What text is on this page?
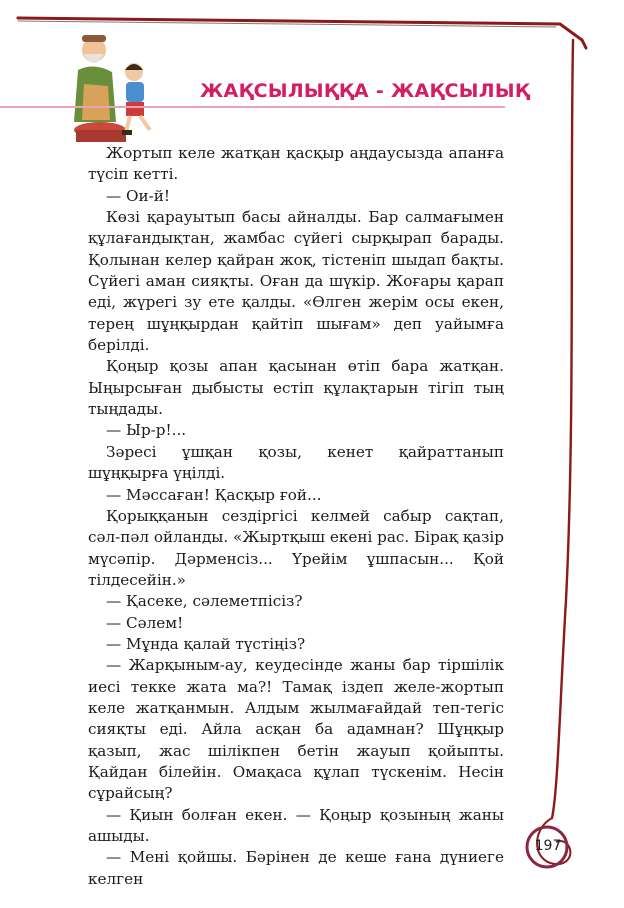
ЖАҚСЫЛЫҚҚА - ЖАҚСЫЛЫҚ

Жортып келе жатқан қасқыр аңдаусызда апанға түсіп кетті.

— Ои-й!

Көзі қарауытып басы айналды. Бар салмағымен құлағандықтан, жамбас сүйегі сырқырап барады. Қолынан келер қайран жоқ, тістеніп шыдап бақты. Сүйегі аман сияқты. Оған да шүкір. Жоғары қарап еді, жүрегі зу ете қалды. «Өлген жерім осы екен, терең шұңқырдан қайтіп шығам» деп уайымға берілді.

Қоңыр қозы апан қасынан өтіп бара жатқан. Ыңырсыған дыбысты естіп құлақтарын тігіп тың тыңдады.

— Ыр-р!...

Зәресі ұшқан қозы, кенет қайраттанып шұңқырға үңілді.

— Мәссаған! Қасқыр ғой...

Қорыққанын сездіргісі келмей сабыр сақтап, сәл-пәл ойланды. «Жыртқыш екені рас. Бірақ қазір мүсәпір. Дәрменсіз... Үрейім ұшпасын... Қой тілдесейін.»

— Қасеке, сәлеметпісіз?

— Сәлем!

— Мұнда қалай түстіңіз?

— Жарқыным-ау, кеудесінде жаны бар тіршілік иесі текке жата ма?! Тамақ іздеп желе-жортып келе жатқанмын. Алдым жылмағайдай теп-тегіс сияқты еді. Айла асқан ба адамнан? Шұңқыр қазып, жас шілікпен бетін жауып қойыпты. Қайдан білейін. Омақаса құлап түскенім. Несін сұрайсың?

— Қиын болған екен. — Қоңыр қозының жаны ашыды.

— Мені қойшы. Бәрінен де кеше ғана дүниеге келген

197
